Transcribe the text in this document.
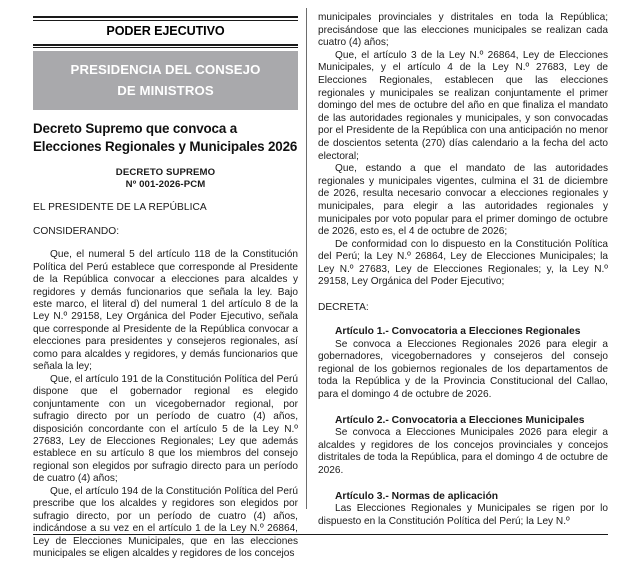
PODER EJECUTIVO
PRESIDENCIA DEL CONSEJO
DE MINISTROS
Decreto Supremo que convoca a Elecciones Regionales y Municipales 2026
DECRETO SUPREMO
Nº 001-2026-PCM
EL PRESIDENTE DE LA REPÚBLICA
CONSIDERANDO:

Que, el numeral 5 del artículo 118 de la Constitución Política del Perú establece que corresponde al Presidente de la República convocar a elecciones para alcaldes y regidores y demás funcionarios que señala la ley. Bajo este marco, el literal d) del numeral 1 del artículo 8 de la Ley N.º 29158, Ley Orgánica del Poder Ejecutivo, señala que corresponde al Presidente de la República convocar a elecciones para presidentes y consejeros regionales, así como para alcaldes y regidores, y demás funcionarios que señala la ley;

Que, el artículo 191 de la Constitución Política del Perú dispone que el gobernador regional es elegido conjuntamente con un vicegobernador regional, por sufragio directo por un período de cuatro (4) años, disposición concordante con el artículo 5 de la Ley N.º 27683, Ley de Elecciones Regionales; Ley que además establece en su artículo 8 que los miembros del consejo regional son elegidos por sufragio directo para un período de cuatro (4) años;

Que, el artículo 194 de la Constitución Política del Perú prescribe que los alcaldes y regidores son elegidos por sufragio directo, por un período de cuatro (4) años, indicándose a su vez en el artículo 1 de la Ley N.º 26864, Ley de Elecciones Municipales, que en las elecciones municipales se eligen alcaldes y regidores de los concejos

municipales provinciales y distritales en toda la República; precisándose que las elecciones municipales se realizan cada cuatro (4) años;

Que, el artículo 3 de la Ley N.º 26864, Ley de Elecciones Municipales, y el artículo 4 de la Ley N.º 27683, Ley de Elecciones Regionales, establecen que las elecciones regionales y municipales se realizan conjuntamente el primer domingo del mes de octubre del año en que finaliza el mandato de las autoridades regionales y municipales, y son convocadas por el Presidente de la República con una anticipación no menor de doscientos setenta (270) días calendario a la fecha del acto electoral;

Que, estando a que el mandato de las autoridades regionales y municipales vigentes, culmina el 31 de diciembre de 2026, resulta necesario convocar a elecciones regionales y municipales, para elegir a las autoridades regionales y municipales por voto popular para el primer domingo de octubre de 2026, esto es, el 4 de octubre de 2026;

De conformidad con lo dispuesto en la Constitución Política del Perú; la Ley N.º 26864, Ley de Elecciones Municipales; la Ley N.º 27683, Ley de Elecciones Regionales; y, la Ley N.º 29158, Ley Orgánica del Poder Ejecutivo;

DECRETA:
Artículo 1.- Convocatoria a Elecciones Regionales

Se convoca a Elecciones Regionales 2026 para elegir a gobernadores, vicegobernadores y consejeros del consejo regional de los gobiernos regionales de los departamentos de toda la República y de la Provincia Constitucional del Callao, para el domingo 4 de octubre de 2026.

Artículo 2.- Convocatoria a Elecciones Municipales

Se convoca a Elecciones Municipales 2026 para elegir a alcaldes y regidores de los concejos provinciales y concejos distritales de toda la República, para el domingo 4 de octubre de 2026.

Artículo 3.- Normas de aplicación

Las Elecciones Regionales y Municipales se rigen por lo dispuesto en la Constitución Política del Perú; la Ley N.º
